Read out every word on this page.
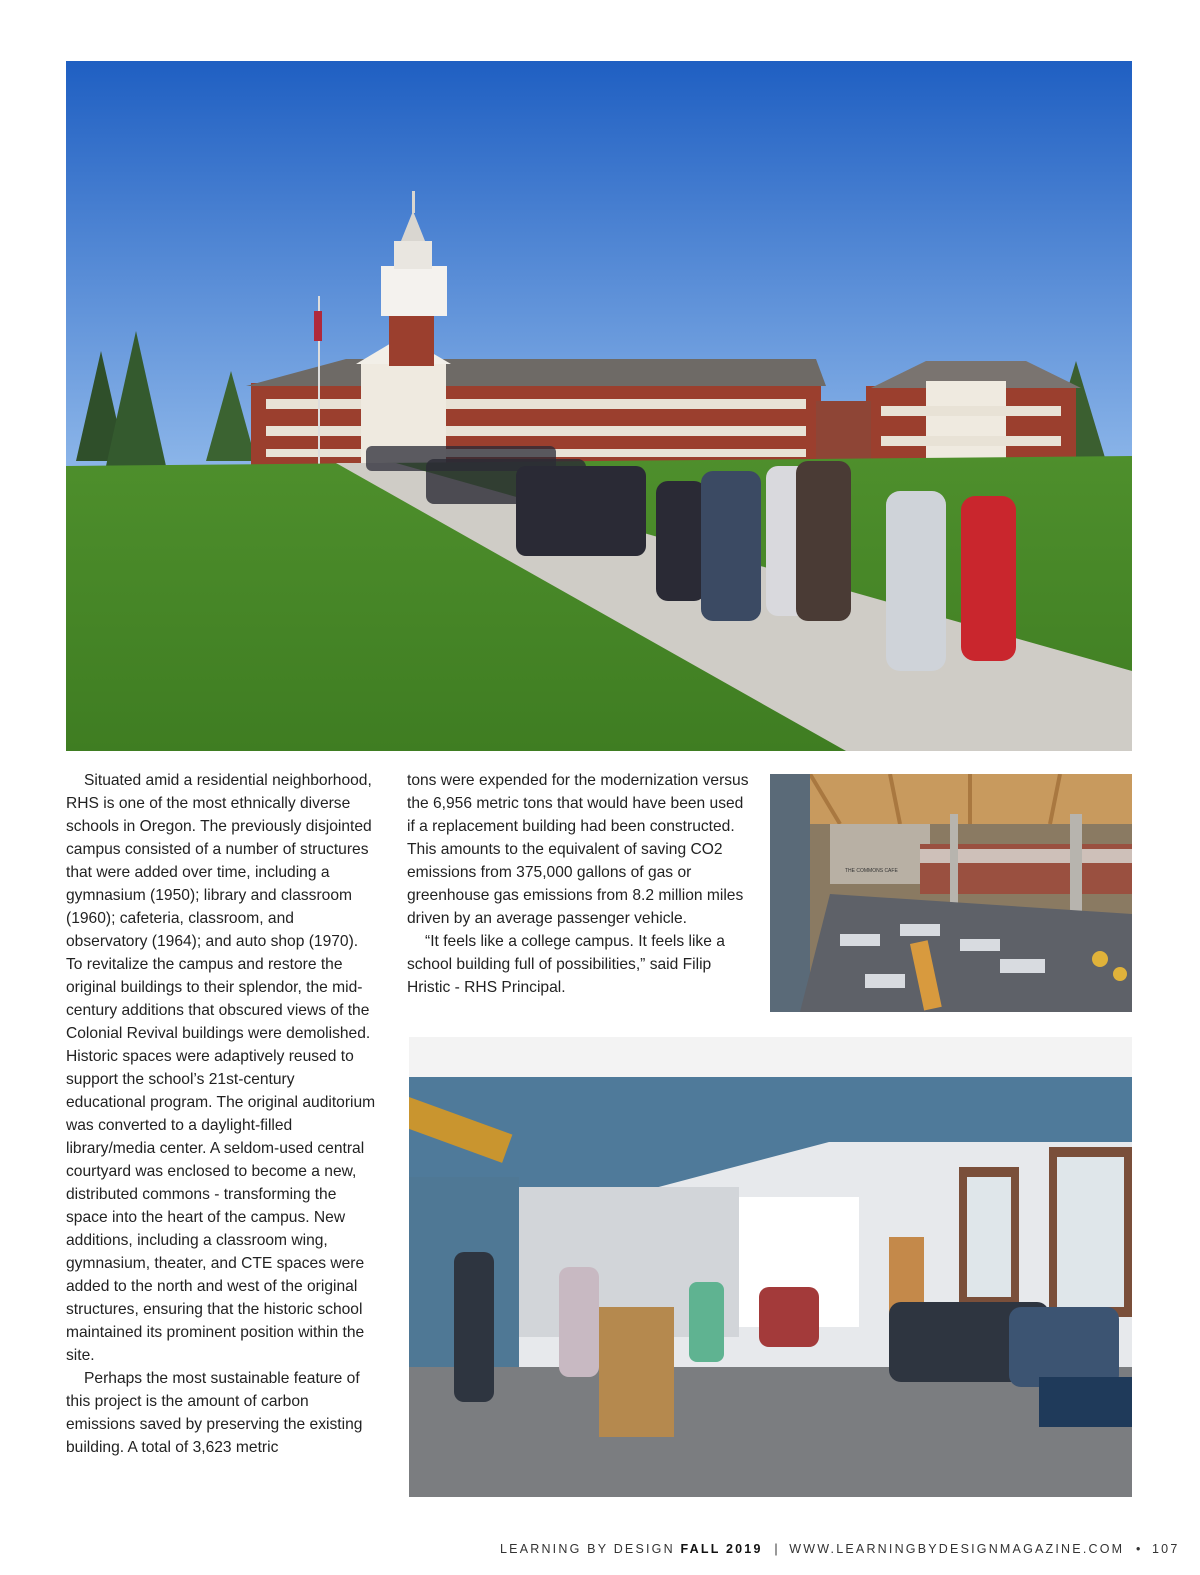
THE COMMONS CAFE

Situated amid a residential neighborhood, RHS is one of the most ethnically diverse schools in Oregon. The previously disjointed campus consisted of a number of structures that were added over time, including a gymnasium (1950); library and classroom (1960); cafeteria, classroom, and observatory (1964); and auto shop (1970). To revitalize the campus and restore the original buildings to their splendor, the mid-century additions that obscured views of the Colonial Revival buildings were demolished. Historic spaces were adaptively reused to support the school’s 21st-century educational program. The original auditorium was converted to a daylight-filled library/media center. A seldom-used central courtyard was enclosed to become a new, distributed commons - transforming the space into the heart of the campus. New additions, including a classroom wing, gymnasium, theater, and CTE spaces were added to the north and west of the original structures, ensuring that the historic school maintained its prominent position within the site.

Perhaps the most sustainable feature of this project is the amount of carbon emissions saved by preserving the existing building. A total of 3,623 metric

tons were expended for the modernization versus the 6,956 metric tons that would have been used if a replacement building had been constructed. This amounts to the equivalent of saving CO2 emissions from 375,000 gallons of gas or greenhouse gas emissions from 8.2 million miles driven by an average passenger vehicle.

“It feels like a college campus. It feels like a school building full of possibilities,” said Filip Hristic - RHS Principal.

LEARNING BY DESIGN FALL 2019 | WWW.LEARNINGBYDESIGNMAGAZINE.COM • 107
